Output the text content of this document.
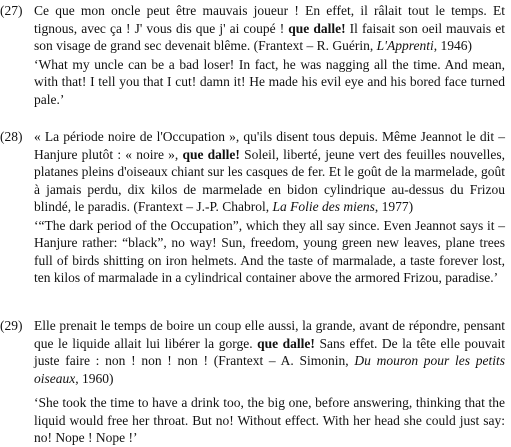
(27) Ce que mon oncle peut être mauvais joueur ! En effet, il râlait tout le temps. Et tignous, avec ça ! J' vous dis que j' ai coupé ! que dalle! Il faisait son oeil mauvais et son visage de grand sec devenait blême. (Frantext – R. Guérin, L'Apprenti, 1946)

‘What my uncle can be a bad loser! In fact, he was nagging all the time. And mean, with that! I tell you that I cut! damn it! He made his evil eye and his bored face turned pale.’

(28) « La période noire de l'Occupation », qu'ils disent tous depuis. Même Jeannot le dit – Hanjure plutôt : « noire », que dalle! Soleil, liberté, jeune vert des feuilles nouvelles, platanes pleins d'oiseaux chiant sur les casques de fer. Et le goût de la marmelade, goût à jamais perdu, dix kilos de marmelade en bidon cylindrique au-dessus du Frizou blindé, le paradis. (Frantext – J.-P. Chabrol, La Folie des miens, 1977)

‘“The dark period of the Occupation”, which they all say since. Even Jeannot says it – Hanjure rather: “black”, no way! Sun, freedom, young green new leaves, plane trees full of birds shitting on iron helmets. And the taste of marmalade, a taste forever lost, ten kilos of marmalade in a cylindrical container above the armored Frizou, paradise.’

(29) Elle prenait le temps de boire un coup elle aussi, la grande, avant de répondre, pensant que le liquide allait lui libérer la gorge. que dalle! Sans effet. De la tête elle pouvait juste faire : non ! non ! non ! (Frantext – A. Simonin, Du mouron pour les petits oiseaux, 1960)

‘She took the time to have a drink too, the big one, before answering, thinking that the liquid would free her throat. But no! Without effect. With her head she could just say: no! Nope ! Nope !’
